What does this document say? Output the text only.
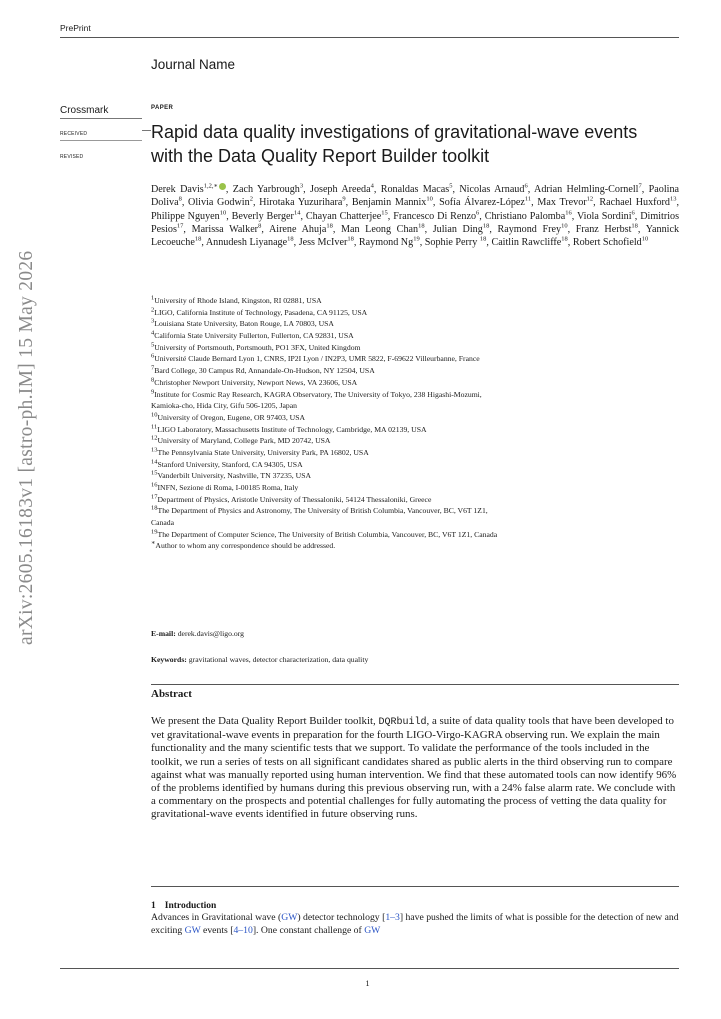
PrePrint
Journal Name
Crossmark
RECEIVED
REVISED
PAPER
Rapid data quality investigations of gravitational-wave events with the Data Quality Report Builder toolkit
Derek Davis$^{1,2,∗}$ , Zach Yarbrough$^3$, Joseph Areeda$^4$, Ronaldas Macas$^5$, Nicolas Arnaud$^6$, Adrian Helmling-Cornell$^7$, Paolina Doliva$^8$, Olivia Godwin$^2$, Hirotaka Yuzurihara$^9$, Benjamin Mannix$^{10}$, Sofía Álvarez-López$^{11}$, Max Trevor$^{12}$, Rachael Huxford$^{13}$, Philippe Nguyen$^{10}$, Beverly Berger$^{14}$, Chayan Chatterjee$^{15}$, Francesco Di Renzo$^6$, Christiano Palomba$^{16}$, Viola Sordini$^6$, Dimitrios Pesios$^{17}$, Marissa Walker$^8$, Airene Ahuja$^{18}$, Man Leong Chan$^{18}$, Julian Ding$^{18}$, Raymond Frey$^{10}$, Franz Herbst$^{18}$, Yannick Lecoeuche$^{18}$, Annudesh Liyanage$^{18}$, Jess McIver$^{18}$, Raymond Ng$^{19}$, Sophie Perry $^{18}$, Caitlin Rawcliffe$^{18}$, Robert Schofield$^{10}$
$^1$University of Rhode Island, Kingston, RI 02881, USA
$^2$LIGO, California Institute of Technology, Pasadena, CA 91125, USA
$^3$Louisiana State University, Baton Rouge, LA 70803, USA
$^4$California State University Fullerton, Fullerton, CA 92831, USA
$^5$University of Portsmouth, Portsmouth, PO1 3FX, United Kingdom
$^6$Université Claude Bernard Lyon 1, CNRS, IP2I Lyon / IN2P3, UMR 5822, F-69622 Villeurbanne, France
$^7$Bard College, 30 Campus Rd, Annandale-On-Hudson, NY 12504, USA
$^8$Christopher Newport University, Newport News, VA 23606, USA
$^9$Institute for Cosmic Ray Research, KAGRA Observatory, The University of Tokyo, 238 Higashi-Mozumi,
Kamioka-cho, Hida City, Gifu 506-1205, Japan
$^{10}$University of Oregon, Eugene, OR 97403, USA
$^{11}$LIGO Laboratory, Massachusetts Institute of Technology, Cambridge, MA 02139, USA
$^{12}$University of Maryland, College Park, MD 20742, USA
$^{13}$The Pennsylvania State University, University Park, PA 16802, USA
$^{14}$Stanford University, Stanford, CA 94305, USA
$^{15}$Vanderbilt University, Nashville, TN 37235, USA
$^{16}$INFN, Sezione di Roma, I-00185 Roma, Italy
$^{17}$Department of Physics, Aristotle University of Thessaloniki, 54124 Thessaloniki, Greece
$^{18}$The Department of Physics and Astronomy, The University of British Columbia, Vancouver, BC, V6T 1Z1,
Canada
$^{19}$The Department of Computer Science, The University of British Columbia, Vancouver, BC, V6T 1Z1, Canada
∗Author to whom any correspondence should be addressed.
E-mail: derek.davis@ligo.org
Keywords: gravitational waves, detector characterization, data quality
Abstract
We present the Data Quality Report Builder toolkit, DQRbuild, a suite of data quality tools that have been developed to vet gravitational-wave events in preparation for the fourth LIGO-Virgo-KAGRA observing run. We explain the main functionality and the many scientific tests that we support. To validate the performance of the tools included in the toolkit, we run a series of tests on all significant candidates shared as public alerts in the third observing run to compare against what was manually reported using human intervention. We find that these automated tools can now identify 96% of the problems identified by humans during this previous observing run, with a 24% false alarm rate. We conclude with a commentary on the prospects and potential challenges for fully automating the process of vetting the data quality for gravitational-wave events identified in future observing runs.
1 Introduction
Advances in Gravitational wave (GW) detector technology [1–3] have pushed the limits of what is possible for the detection of new and exciting GW events [4–10]. One constant challenge of GW
1
arXiv:2605.16183v1 [astro-ph.IM] 15 May 2026
